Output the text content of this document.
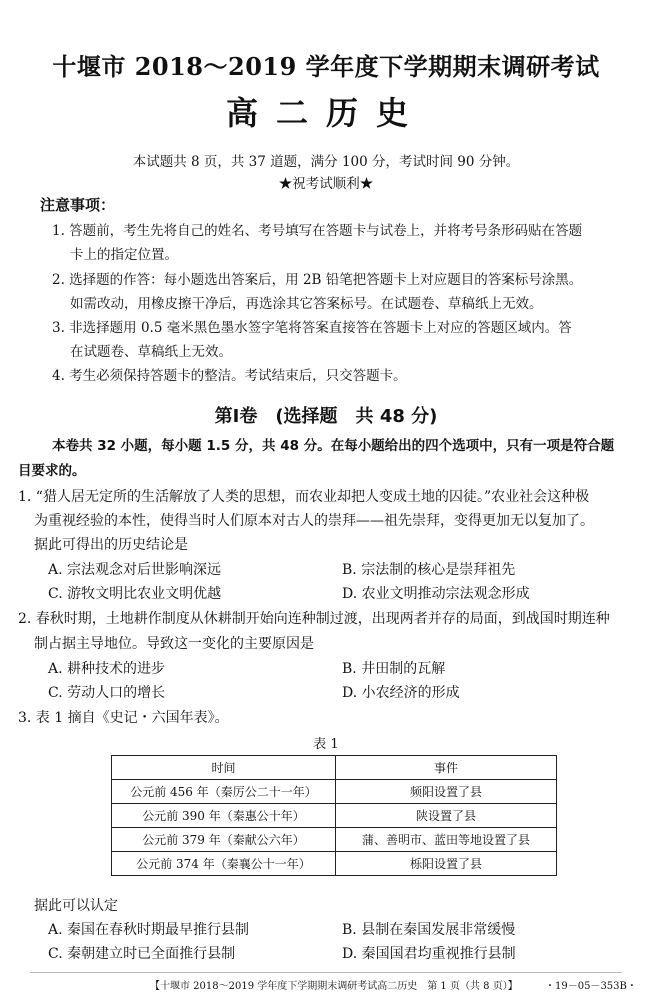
十堰市 2018～2019 学年度下学期期末调研考试
高二历史
本试题共 8 页，共 37 道题，满分 100 分，考试时间 90 分钟。
★祝考试顺利★
注意事项：
1. 答题前，考生先将自己的姓名、考号填写在答题卡与试卷上，并将考号条形码贴在答题
卡上的指定位置。
2. 选择题的作答：每小题选出答案后，用 2B 铅笔把答题卡上对应题目的答案标号涂黑。
如需改动，用橡皮擦干净后，再选涂其它答案标号。在试题卷、草稿纸上无效。
3. 非选择题用 0.5 毫米黑色墨水签字笔将答案直接答在答题卡上对应的答题区域内。答
在试题卷、草稿纸上无效。
4. 考生必须保持答题卡的整洁。考试结束后，只交答题卡。
第Ⅰ卷　(选择题　共 48 分)
本卷共 32 小题，每小题 1.5 分，共 48 分。在每小题给出的四个选项中，只有一项是符合题
目要求的。
1. “猎人居无定所的生活解放了人类的思想，而农业却把人变成土地的囚徒。”农业社会这种极
为重视经验的本性，使得当时人们原本对古人的崇拜——祖先崇拜，变得更加无以复加了。
据此可得出的历史结论是
A. 宗法观念对后世影响深远	B. 宗法制的核心是崇拜祖先
C. 游牧文明比农业文明优越	D. 农业文明推动宗法观念形成
2. 春秋时期，土地耕作制度从休耕制开始向连种制过渡，出现两者并存的局面，到战国时期连种
制占据主导地位。导致这一变化的主要原因是
A. 耕种技术的进步	B. 井田制的瓦解
C. 劳动人口的增长	D. 小农经济的形成
3. 表 1 摘自《史记・六国年表》。
表 1
时间	事件
公元前 456 年（秦厉公二十一年）	频阳设置了县
公元前 390 年（秦惠公十年）	陕设置了县
公元前 379 年（秦献公六年）	蒲、善明市、蓝田等地设置了县
公元前 374 年（秦襄公十一年）	栎阳设置了县
据此可以认定
A. 秦国在春秋时期最早推行县制	B. 县制在秦国发展非常缓慢
C. 秦朝建立时已全面推行县制	D. 秦国国君均重视推行县制
【十堰市 2018～2019 学年度下学期期末调研考试高二历史　第 1 页（共 8 页）】	・19－05－353B・
